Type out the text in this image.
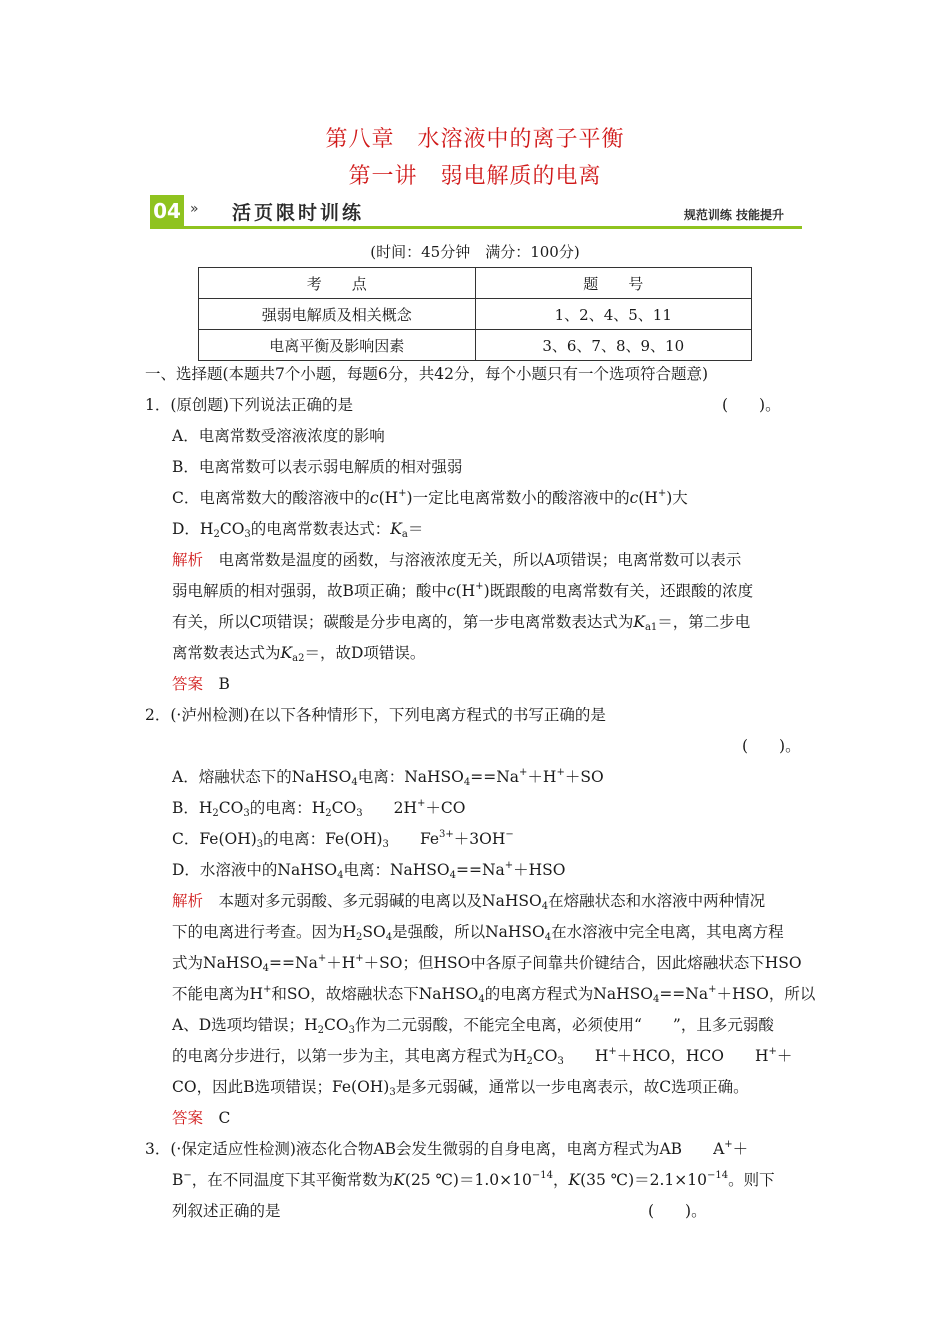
第八章　水溶液中的离子平衡
第一讲　弱电解质的电离
04 » 活页限时训练	规范训练 技能提升
(时间：45分钟　满分：100分)
考　　点	题　　号
强弱电解质及相关概念	1、2、4、5、11
电离平衡及影响因素	3、6、7、8、9、10
一、选择题(本题共7个小题，每题6分，共42分，每个小题只有一个选项符合题意)
1．(原创题)下列说法正确的是	(　　)。
A．电离常数受溶液浓度的影响
B．电离常数可以表示弱电解质的相对强弱
C．电离常数大的酸溶液中的c(H+)一定比电离常数小的酸溶液中的c(H+)大
D．$H_2CO_3$的电离常数表达式：$K_a=$
解析　 电离常数是温度的函数，与溶液浓度无关，所以A项错误；电离常数可以表示
弱电解质的相对强弱，故B项正确；酸中c(H+)既跟酸的电离常数有关，还跟酸的浓度
有关，所以C项错误；碳酸是分步电离的，第一步电离常数表达式为$K_{a1}=$，第二步电
离常数表达式为$K_{a2}=$，故D项错误。
答案　 B
2．(·泸州检测)在以下各种情形下，下列电离方程式的书写正确的是
(　　)。
A．熔融状态下的NaHSO$_4$电离：NaHSO$_4$==Na+＋H+＋SO
B．$H_2CO_3$的电离：$H_2CO_3$　　 2H+＋CO
C．$Fe(OH)_3$的电离：$Fe(OH)_3$　　 $Fe^{3+}+3OH^-$
D．水溶液中的NaHSO$_4$电离：NaHSO$_4$==Na+＋HSO
解析　 本题对多元弱酸、多元弱碱的电离以及NaHSO$_4$在熔融状态和水溶液中两种情况
下的电离进行考查。因为$H_2SO_4$是强酸，所以NaHSO$_4$在水溶液中完全电离，其电离方程
式为NaHSO$_4$==Na+＋H+＋SO；但HSO中各原子间靠共价键结合，因此熔融状态下HSO
不能电离为H+和SO，故熔融状态下NaHSO$_4$的电离方程式为NaHSO$_4$==Na+＋HSO，所以
A、D选项均错误；$H_2CO_3$作为二元弱酸，不能完全电离，必须使用“　　”，且多元弱酸
的电离分步进行，以第一步为主，其电离方程式为$H_2CO_3$　　 H+＋HCO，HCO　　 H+＋
CO，因此B选项错误；$Fe(OH)_3$是多元弱碱，通常以一步电离表示，故C选项正确。
答案　 C
3．(·保定适应性检测)液态化合物AB会发生微弱的自身电离，电离方程式为AB　　 A+＋
B−，在不同温度下其平衡常数为K(25 $℃)=1.0\times 10^{-14}$，K(35 $℃)=2.1\times 10^{-14}$。则下
列叙述正确的是	(　　)。
